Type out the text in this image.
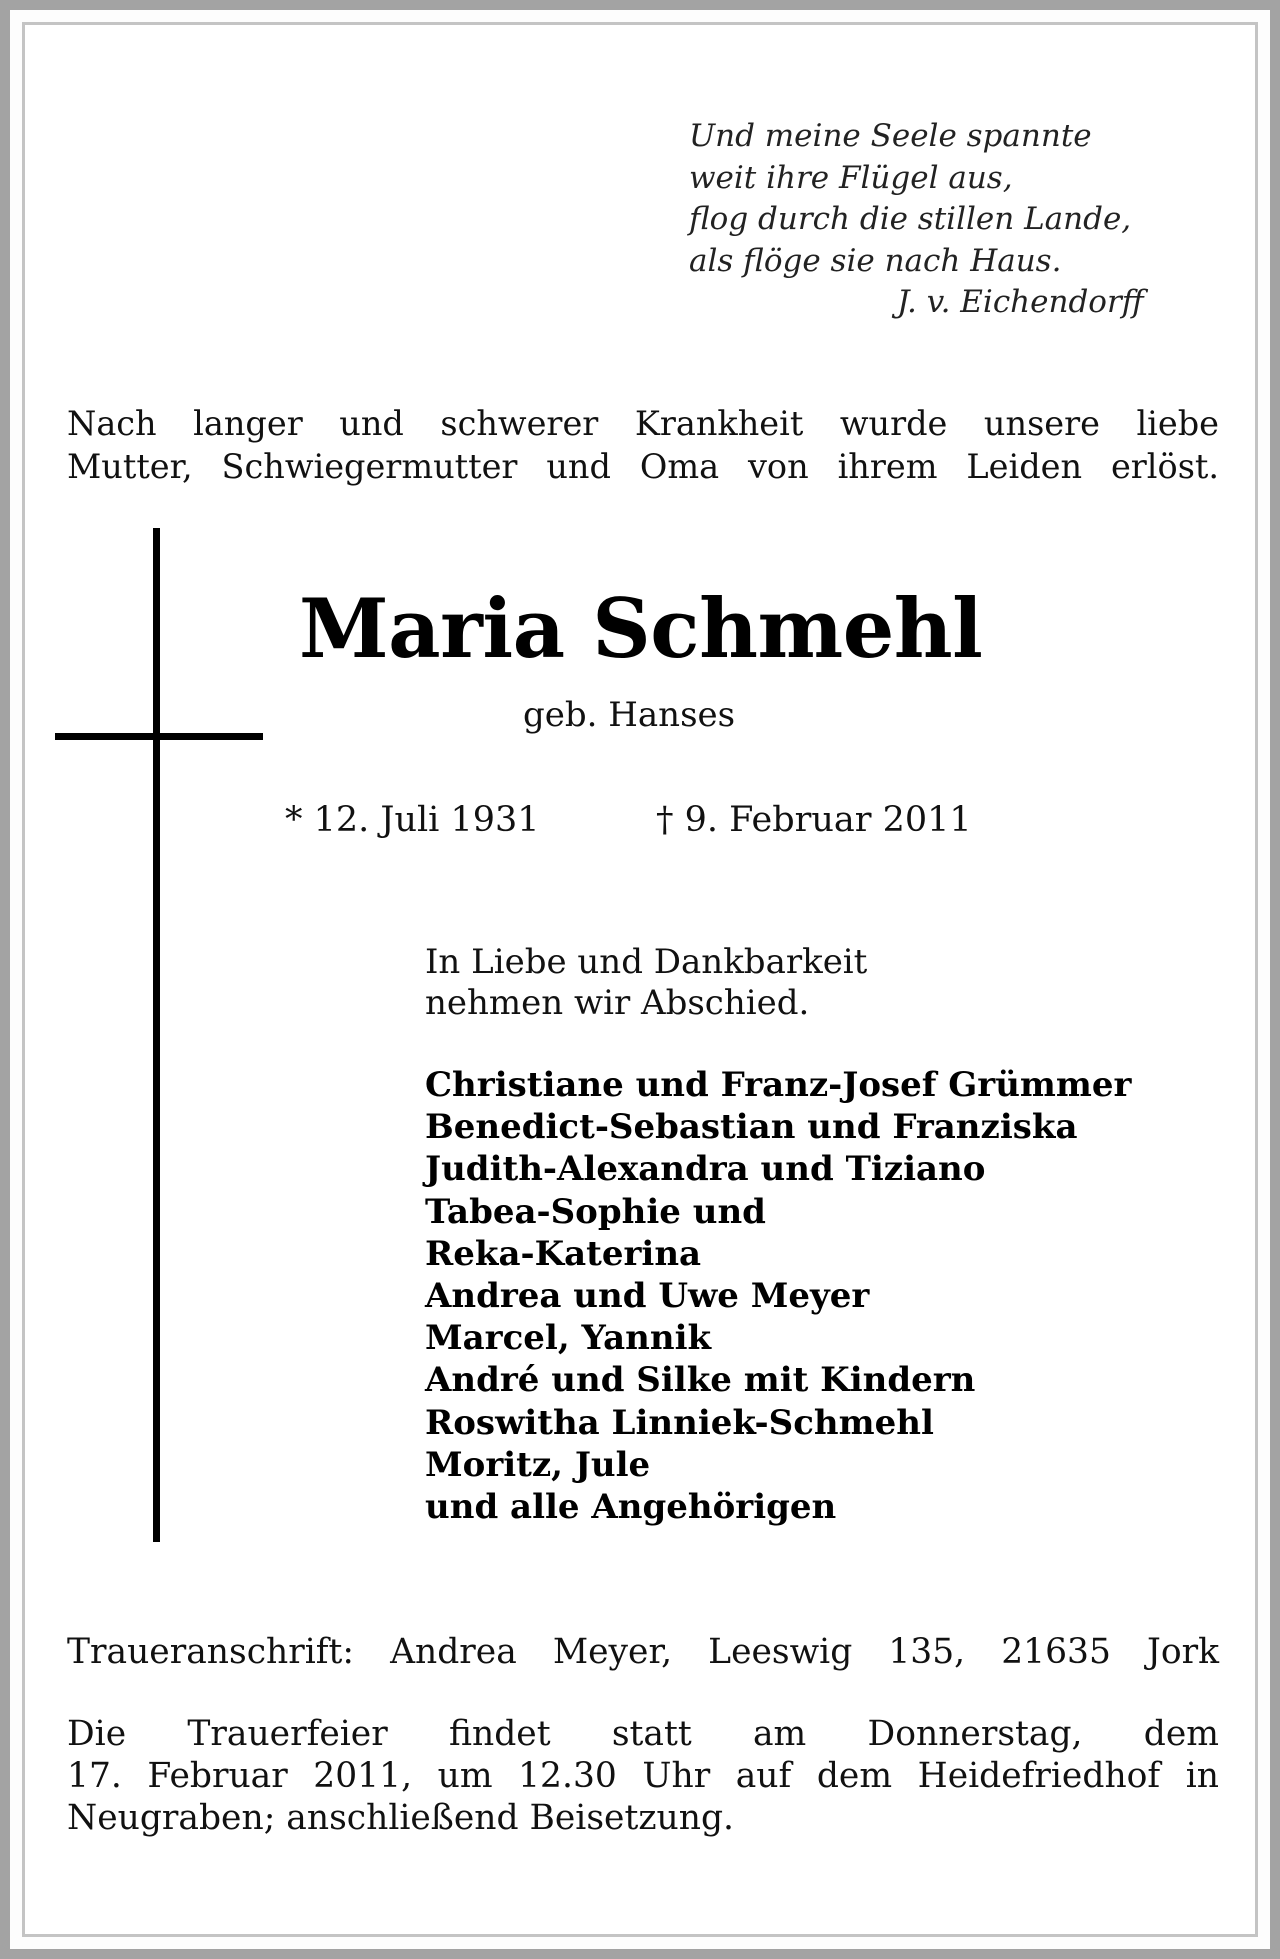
Und meine Seele spannte
weit ihre Flügel aus,
flog durch die stillen Lande,
als flöge sie nach Haus.
J. v. Eichendorff
Nach langer und schwerer Krankheit wurde unsere liebe
Mutter, Schwiegermutter und Oma von ihrem Leiden erlöst.
Maria Schmehl
geb. Hanses
* 12. Juli 1931	† 9. Februar 2011
In Liebe und Dankbarkeit
nehmen wir Abschied.
Christiane und Franz-Josef Grümmer
Benedict-Sebastian und Franziska
Judith-Alexandra und Tiziano
Tabea-Sophie und
Reka-Katerina
Andrea und Uwe Meyer
Marcel, Yannik
André und Silke mit Kindern
Roswitha Linniek-Schmehl
Moritz, Jule
und alle Angehörigen
Traueranschrift: Andrea Meyer, Leeswig 135, 21635 Jork
Die Trauerfeier findet statt am Donnerstag, dem
17. Februar 2011, um 12.30 Uhr auf dem Heidefriedhof in
Neugraben; anschließend Beisetzung.
